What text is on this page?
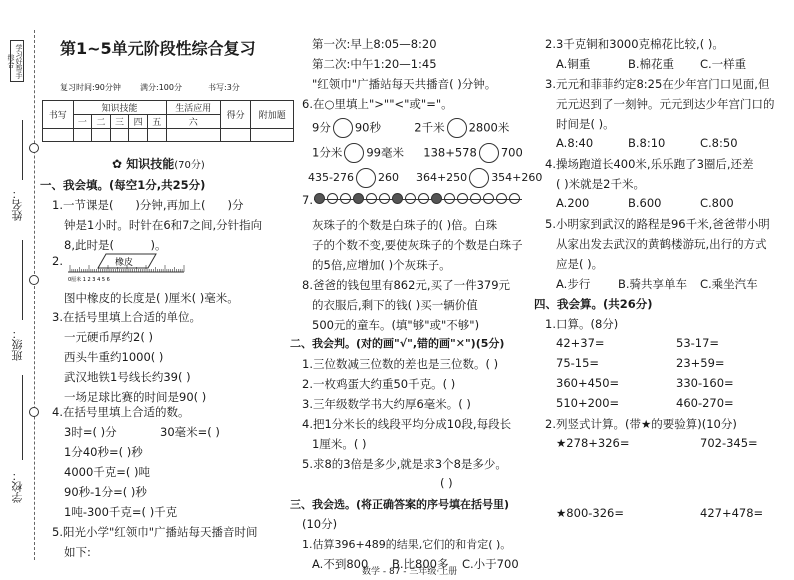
学习好帮手 综合
姓名：
班级：
学校：
第1~5单元阶段性综合复习
复习时间:90分钟 满分:100分	书写:3分
书写	知识技能					生活应用	得分	附加题
	一	二	三	四	五	六		

✿ 知识技能(70分)
一、我会填。(每空1分,共25分)
1.一节课是( )分钟,再加上( )分
钟是1小时。时针在6和7之间,分针指向
8,此时是(	)。
2.	橡皮
0厘米 1 2 3 4 5 6
图中橡皮的长度是( )厘米( )毫米。
3.在括号里填上合适的单位。
一元硬币厚约2( )
西头牛重约1000( )
武汉地铁1号线长约39( )
一场足球比赛的时间是90( )
4.在括号里填上合适的数。
3时=( )分	30毫米=( )
1分40秒=( )秒
4000千克=( )吨
90秒-1分=( )秒
1吨-300千克=( )千克
5.阳光小学"红领巾"广播站每天播音时间
如下:
第一次:早上8:05—8:20
第二次:中午1:20—1:45
"红领巾"广播站每天共播音( )分钟。
6.在○里填上">""<"或"="。
9分 90秒	2千米 2800米
1分米 99毫米 138+578 700
435-276 260 364+250 354+260
7.
灰珠子的个数是白珠子的( )倍。白珠
子的个数不变,要使灰珠子的个数是白珠子
的5倍,应增加( )个灰珠子。
8.爸爸的钱包里有862元,买了一件379元
的衣服后,剩下的钱( )买一辆价值
500元的童车。(填"够"或"不够")
二、我会判。(对的画"√",错的画"✕")(5分)
1.三位数减三位数的差也是三位数。( )
2.一枚鸡蛋大约重50千克。( )
3.三年级数学书大约厚6毫米。( )
4.把1分米长的线段平均分成10段,每段长
1厘米。( )
5.求8的3倍是多少,就是求3个8是多少。
( )
三、我会选。(将正确答案的序号填在括号里)
(10分)
1.估算396+489的结果,它们的和肯定( )。
A.不到800 B.比800多 C.小于700
2.3千克铜和3000克棉花比较,( )。
A.铜重	B.棉花重 C.一样重
3.元元和菲菲约定8:25在少年宫门口见面,但
元元迟到了一刻钟。元元到达少年宫门口的
时间是( )。
A.8:40	B.8:10	C.8:50
4.操场跑道长400米,乐乐跑了3圈后,还差
( )米就是2千米。
A.200	B.600	C.800
5.小明家到武汉的路程是96千米,爸爸带小明
从家出发去武汉的黄鹤楼游玩,出行的方式
应是( )。
A.步行 B.骑共享单车 C.乘坐汽车
四、我会算。(共26分)
1.口算。(8分)
42+37=	53-17=
75-15=	23+59=
360+450=	330-160=
510+200=	460-270=
2.列竖式计算。(带★的要验算)(10分)
★278+326=	702-345=
★800-326=	427+478=
数学 - 87 - 三年级·上册
